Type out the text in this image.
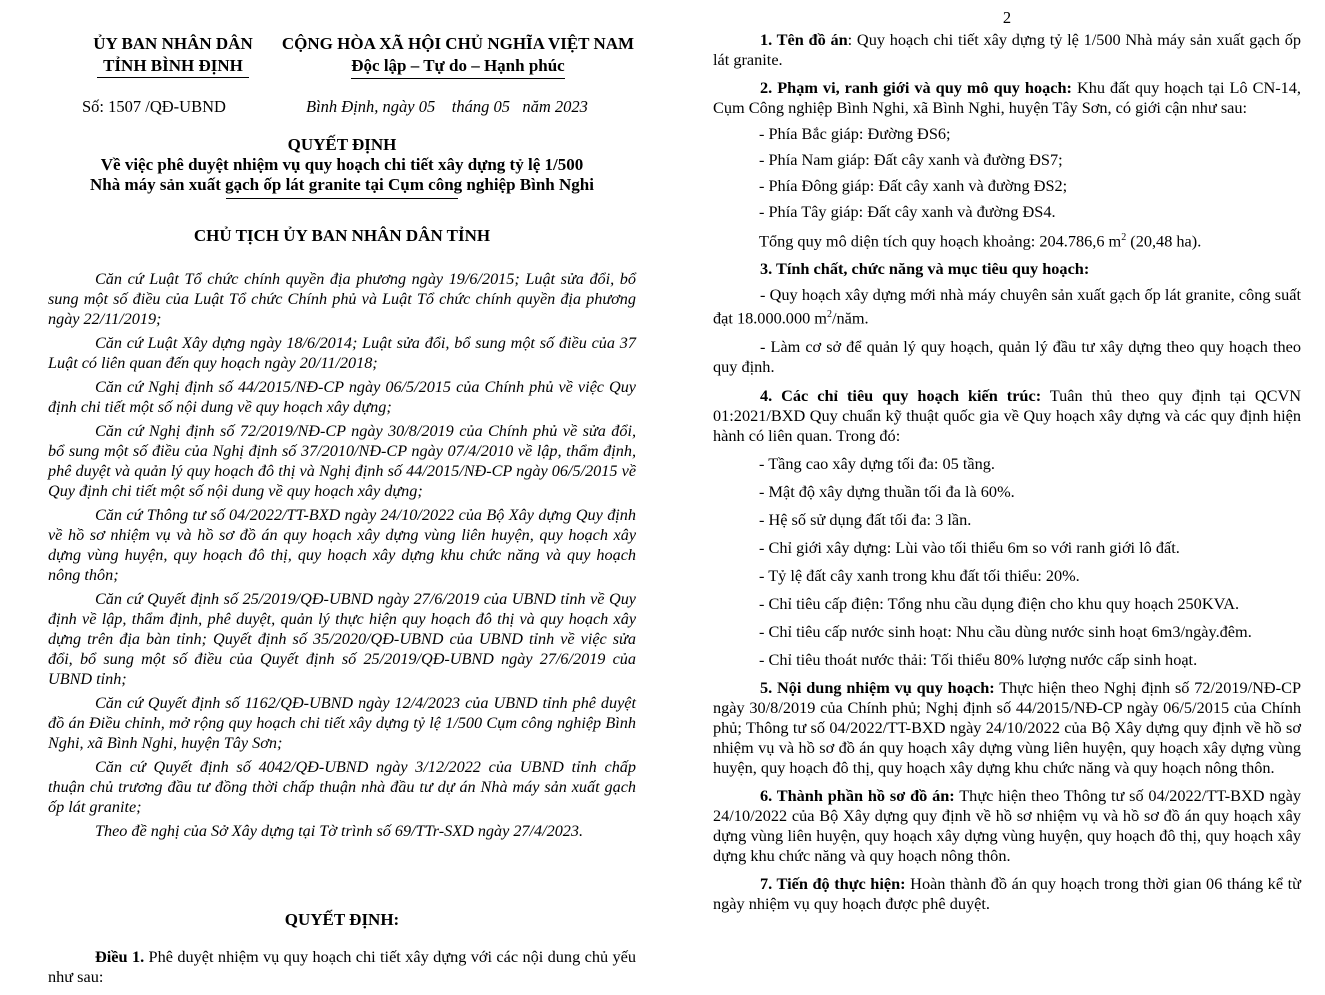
ỦY BAN NHÂN DÂN
TỈNH BÌNH ĐỊNH
CỘNG HÒA XÃ HỘI CHỦ NGHĨA VIỆT NAM
Độc lập – Tự do – Hạnh phúc
Số: 1507 /QĐ-UBND	Bình Định, ngày 05    tháng 05   năm 2023
QUYẾT ĐỊNH
Về việc phê duyệt nhiệm vụ quy hoạch chi tiết xây dựng tỷ lệ 1/500
Nhà máy sản xuất gạch ốp lát granite tại Cụm công nghiệp Bình Nghi
CHỦ TỊCH ỦY BAN NHÂN DÂN TỈNH

Căn cứ Luật Tổ chức chính quyền địa phương ngày 19/6/2015; Luật sửa đổi, bổ sung một số điều của Luật Tổ chức Chính phủ và Luật Tổ chức chính quyền địa phương ngày 22/11/2019;

Căn cứ Luật Xây dựng ngày 18/6/2014; Luật sửa đổi, bổ sung một số điều của 37 Luật có liên quan đến quy hoạch ngày 20/11/2018;

Căn cứ Nghị định số 44/2015/NĐ-CP ngày 06/5/2015 của Chính phủ về việc Quy định chi tiết một số nội dung về quy hoạch xây dựng;

Căn cứ Nghị định số 72/2019/NĐ-CP ngày 30/8/2019 của Chính phủ về sửa đổi, bổ sung một số điều của Nghị định số 37/2010/NĐ-CP ngày 07/4/2010 về lập, thẩm định, phê duyệt và quản lý quy hoạch đô thị và Nghị định số 44/2015/NĐ-CP ngày 06/5/2015 về Quy định chi tiết một số nội dung về quy hoạch xây dựng;

Căn cứ Thông tư số 04/2022/TT-BXD ngày 24/10/2022 của Bộ Xây dựng Quy định về hồ sơ nhiệm vụ và hồ sơ đồ án quy hoạch xây dựng vùng liên huyện, quy hoạch xây dựng vùng huyện, quy hoạch đô thị, quy hoạch xây dựng khu chức năng và quy hoạch nông thôn;

Căn cứ Quyết định số 25/2019/QĐ-UBND ngày 27/6/2019 của UBND tỉnh về Quy định về lập, thẩm định, phê duyệt, quản lý thực hiện quy hoạch đô thị và quy hoạch xây dựng trên địa bàn tỉnh; Quyết định số 35/2020/QĐ-UBND của UBND tỉnh về việc sửa đổi, bổ sung một số điều của Quyết định số 25/2019/QĐ-UBND ngày 27/6/2019 của UBND tỉnh;

Căn cứ Quyết định số 1162/QĐ-UBND ngày 12/4/2023 của UBND tỉnh phê duyệt đồ án Điều chỉnh, mở rộng quy hoạch chi tiết xây dựng tỷ lệ 1/500 Cụm công nghiệp Bình Nghi, xã Bình Nghi, huyện Tây Sơn;

Căn cứ Quyết định số 4042/QĐ-UBND ngày 3/12/2022 của UBND tỉnh chấp thuận chủ trương đầu tư đồng thời chấp thuận nhà đầu tư dự án Nhà máy sản xuất gạch ốp lát granite;

Theo đề nghị của Sở Xây dựng tại Tờ trình số 69/TTr-SXD ngày 27/4/2023.

QUYẾT ĐỊNH:

Điều 1. Phê duyệt nhiệm vụ quy hoạch chi tiết xây dựng với các nội dung chủ yếu như sau:

2

1. Tên đồ án: Quy hoạch chi tiết xây dựng tỷ lệ 1/500 Nhà máy sản xuất gạch ốp lát granite.

2. Phạm vi, ranh giới và quy mô quy hoạch: Khu đất quy hoạch tại Lô CN-14, Cụm Công nghiệp Bình Nghi, xã Bình Nghi, huyện Tây Sơn, có giới cận như sau:

- Phía Bắc giáp: Đường ĐS6;

- Phía Nam giáp: Đất cây xanh và đường ĐS7;

- Phía Đông giáp: Đất cây xanh và đường ĐS2;

- Phía Tây giáp: Đất cây xanh và đường ĐS4.

Tổng quy mô diện tích quy hoạch khoảng: 204.786,6 $m^2$ (20,48 ha).

3. Tính chất, chức năng và mục tiêu quy hoạch:

- Quy hoạch xây dựng mới nhà máy chuyên sản xuất gạch ốp lát granite, công suất đạt 18.000.000 $m^2$/năm.

- Làm cơ sở để quản lý quy hoạch, quản lý đầu tư xây dựng theo quy hoạch theo quy định.

4. Các chỉ tiêu quy hoạch kiến trúc: Tuân thủ theo quy định tại QCVN 01:2021/BXD Quy chuẩn kỹ thuật quốc gia về Quy hoạch xây dựng và các quy định hiện hành có liên quan. Trong đó:

- Tầng cao xây dựng tối đa: 05 tầng.

- Mật độ xây dựng thuần tối đa là 60%.

- Hệ số sử dụng đất tối đa: 3 lần.

- Chỉ giới xây dựng: Lùi vào tối thiểu 6m so với ranh giới lô đất.

- Tỷ lệ đất cây xanh trong khu đất tối thiểu: 20%.

- Chỉ tiêu cấp điện: Tổng nhu cầu dụng điện cho khu quy hoạch 250KVA.

- Chỉ tiêu cấp nước sinh hoạt: Nhu cầu dùng nước sinh hoạt 6m3/ngày.đêm.

- Chỉ tiêu thoát nước thải: Tối thiểu 80% lượng nước cấp sinh hoạt.

5. Nội dung nhiệm vụ quy hoạch: Thực hiện theo Nghị định số 72/2019/NĐ-CP ngày 30/8/2019 của Chính phủ; Nghị định số 44/2015/NĐ-CP ngày 06/5/2015 của Chính phủ; Thông tư số 04/2022/TT-BXD ngày 24/10/2022 của Bộ Xây dựng quy định về hồ sơ nhiệm vụ và hồ sơ đồ án quy hoạch xây dựng vùng liên huyện, quy hoạch xây dựng vùng huyện, quy hoạch đô thị, quy hoạch xây dựng khu chức năng và quy hoạch nông thôn.

6. Thành phần hồ sơ đồ án: Thực hiện theo Thông tư số 04/2022/TT-BXD ngày 24/10/2022 của Bộ Xây dựng quy định về hồ sơ nhiệm vụ và hồ sơ đồ án quy hoạch xây dựng vùng liên huyện, quy hoạch xây dựng vùng huyện, quy hoạch đô thị, quy hoạch xây dựng khu chức năng và quy hoạch nông thôn.

7. Tiến độ thực hiện: Hoàn thành đồ án quy hoạch trong thời gian 06 tháng kể từ ngày nhiệm vụ quy hoạch được phê duyệt.
